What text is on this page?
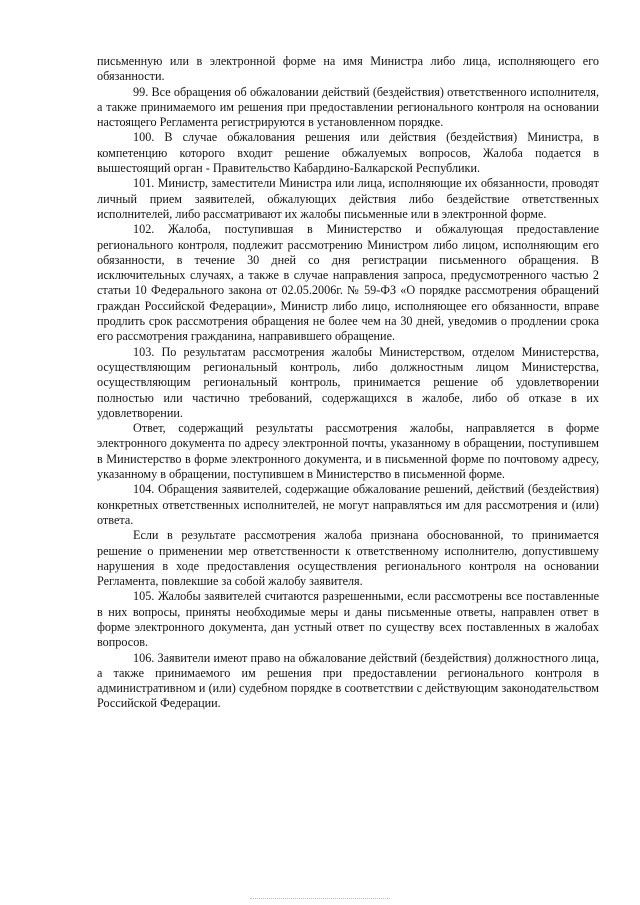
письменную или в электронной форме на имя Министра либо лица, исполняющего его обязанности.

99. Все обращения об обжаловании действий (бездействия) ответственного исполнителя, а также принимаемого им решения при предоставлении регионального контроля на основании настоящего Регламента регистрируются в установленном порядке.

100. В случае обжалования решения или действия (бездействия) Министра, в компетенцию которого входит решение обжалуемых вопросов, Жалоба подается в вышестоящий орган - Правительство Кабардино-Балкарской Республики.

101. Министр, заместители Министра или лица, исполняющие их обязанности, проводят личный прием заявителей, обжалующих действия либо бездействие ответственных исполнителей, либо рассматривают их жалобы письменные или в электронной форме.

102. Жалоба, поступившая в Министерство и обжалующая предоставление регионального контроля, подлежит рассмотрению Министром либо лицом, исполняющим его обязанности, в течение 30 дней со дня регистрации письменного обращения. В исключительных случаях, а также в случае направления запроса, предусмотренного частью 2 статьи 10 Федерального закона от 02.05.2006г. № 59-ФЗ «О порядке рассмотрения обращений граждан Российской Федерации», Министр либо лицо, исполняющее его обязанности, вправе продлить срок рассмотрения обращения не более чем на 30 дней, уведомив о продлении срока его рассмотрения гражданина, направившего обращение.

103. По результатам рассмотрения жалобы Министерством, отделом Министерства, осуществляющим региональный контроль, либо должностным лицом Министерства, осуществляющим региональный контроль, принимается решение об удовлетворении полностью или частично требований, содержащихся в жалобе, либо об отказе в их удовлетворении.

Ответ, содержащий результаты рассмотрения жалобы, направляется в форме электронного документа по адресу электронной почты, указанному в обращении, поступившем в Министерство в форме электронного документа, и в письменной форме по почтовому адресу, указанному в обращении, поступившем в Министерство в письменной форме.

104. Обращения заявителей, содержащие обжалование решений, действий (бездействия) конкретных ответственных исполнителей, не могут направляться им для рассмотрения и (или) ответа.

Если в результате рассмотрения жалоба признана обоснованной, то принимается решение о применении мер ответственности к ответственному исполнителю, допустившему нарушения в ходе предоставления осуществления регионального контроля на основании Регламента, повлекшие за собой жалобу заявителя.

105. Жалобы заявителей считаются разрешенными, если рассмотрены все поставленные в них вопросы, приняты необходимые меры и даны письменные ответы, направлен ответ в форме электронного документа, дан устный ответ по существу всех поставленных в жалобах вопросов.

106. Заявители имеют право на обжалование действий (бездействия) должностного лица, а также принимаемого им решения при предоставлении регионального контроля в административном и (или) судебном порядке в соответствии с действующим законодательством Российской Федерации.
